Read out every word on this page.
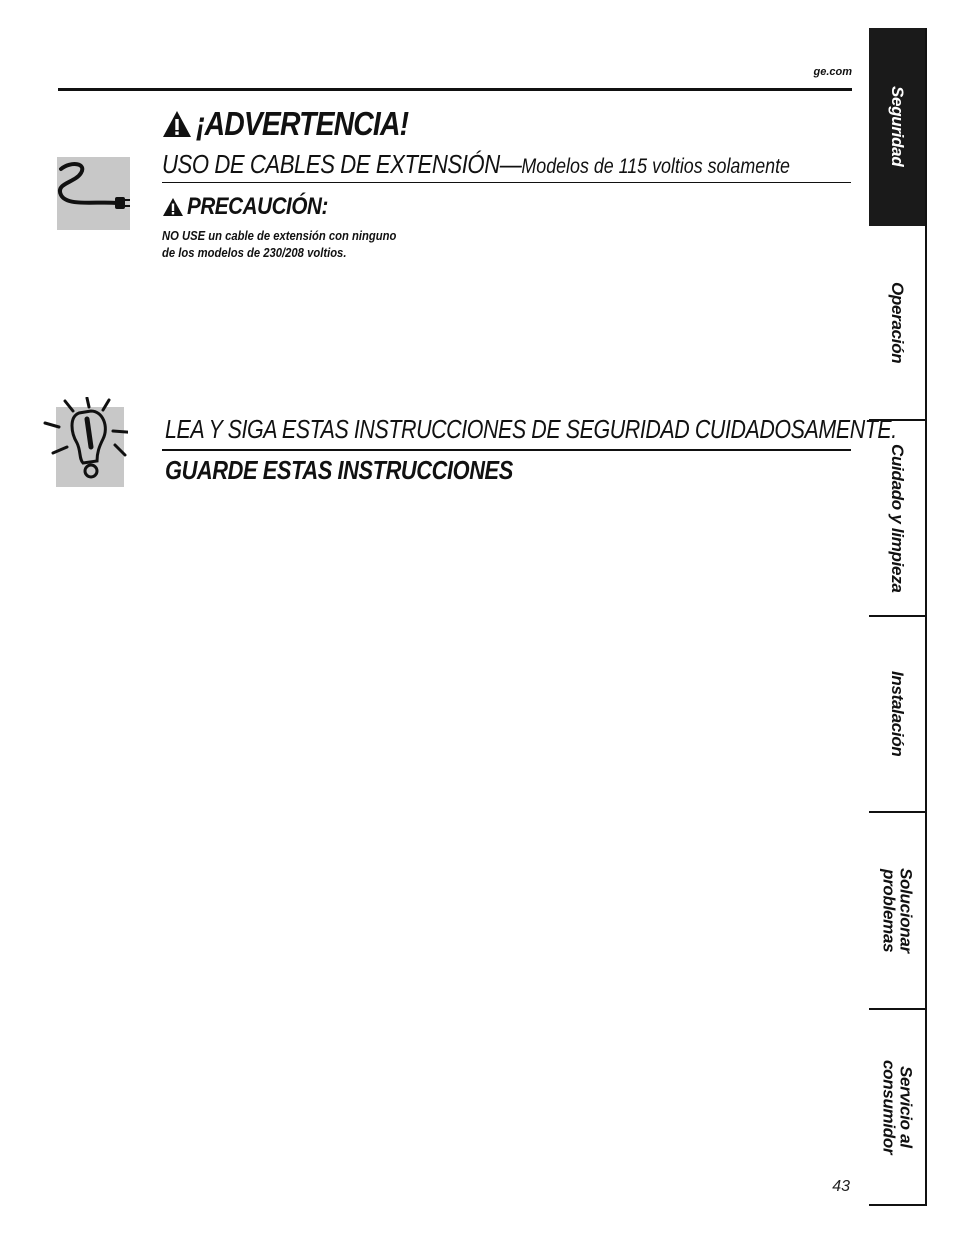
ge.com
¡ADVERTENCIA!
USO DE CABLES DE EXTENSIÓN—Modelos de 115 voltios solamente
PRECAUCIÓN:
NO USE un cable de extensión con ninguno
de los modelos de 230/208 voltios.
LEA Y SIGA ESTAS INSTRUCCIONES DE SEGURIDAD CUIDADOSAMENTE.
GUARDE ESTAS INSTRUCCIONES
43
Seguridad
Operación
Cuidado y limpieza
Instalación
Solucionar
problemas
Servicio al
consumidor
